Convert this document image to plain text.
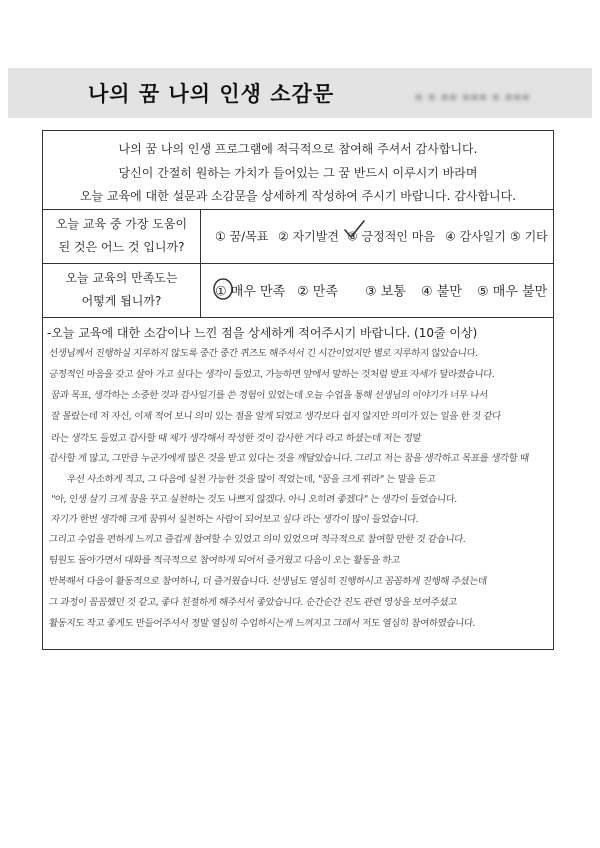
나의 꿈 나의 인생 소감문	▪ ▪ ▪▪ ▪▪▪ ▪ ▪▪▪
나의 꿈 나의 인생 프로그램에 적극적으로 참여해 주셔서 감사합니다.
당신이 간절히 원하는 가치가 들어있는 그 꿈 반드시 이루시기 바라며
오늘 교육에 대한 설문과 소감문을 상세하게 작성하여 주시기 바랍니다. 감사합니다.
오늘 교육 중 가장 도움이
된 것은 어느 것 입니까?
① 꿈/목표 ② 자기발견 ③ 긍정적인 마음 ④ 감사일기 ⑤ 기타
오늘 교육의 만족도는
어떻게 됩니까?
① 매우 만족 ② 만족 ③ 보통 ④ 불만 ⑤ 매우 불만
-오늘 교육에 대한 소감이나 느낀 점을 상세하게 적어주시기 바랍니다. (10줄 이상)
선생님께서 진행하실 지루하지 않도록 중간 중간 퀴즈도 해주셔서 긴 시간이었지만 별로 지루하지 않았습니다.
긍정적인 마음을 갖고 살아 가고 싶다는 생각이 들었고, 가능하면 앞에서 말하는 것처럼 발표 자세가 달라졌습니다.
꿈과 목표, 생각하는 소중한 것과 감사일기를 쓴 경험이 있었는데 오늘 수업을 통해 선생님의 이야기가 너무 나서
잘 몰랐는데 저 자신, 이제 적어 보니 의미 있는 점을 알게 되었고 생각보다 쉽지 않지만 의미가 있는 일을 한 것 같다
라는 생각도 들었고 감사할 때 제가 생각해서 작성한 것이 감사한 거다 라고 하셨는데 저는 정말
감사할 게 많고, 그만큼 누군가에게 많은 것을 받고 있다는 것을 깨달았습니다. 그리고 저는 꿈을 생각하고 목표를 생각할 때
우선 사소하게 적고, 그 다음에 실천 가능한 것을 많이 적었는데, "꿈을 크게 꿔라" 는 말을 듣고
"아, 인생 살기 크게 꿈을 꾸고 실천하는 것도 나쁘지 않겠다. 아니 오히려 좋겠다" 는 생각이 들었습니다.
자기가 한번 생각해 크게 꿈꿔서 실천하는 사람이 되어보고 싶다 라는 생각이 많이 들었습니다.
그리고 수업을 편하게 느끼고 즐겁게 참여할 수 있었고 의미 있었으며 적극적으로 참여할 만한 것 같습니다.
팀원도 돌아가면서 대화를 적극적으로 참여하게 되어서 즐거웠고 다음이 오는 활동을 하고
반복해서 다음이 활동적으로 참여하니, 더 즐거웠습니다. 선생님도 열심히 진행하시고 꼼꼼하게 진행해 주셨는데
그 과정이 꼼꼼했던 것 같고, 좋다 친절하게 해주셔서 좋았습니다. 순간순간 진도 관련 영상을 보여주셨고
활동지도 작고 좋게도 만들어주셔서 정말 열심히 수업하시는게 느껴지고 그래서 저도 열심히 참여하였습니다.
